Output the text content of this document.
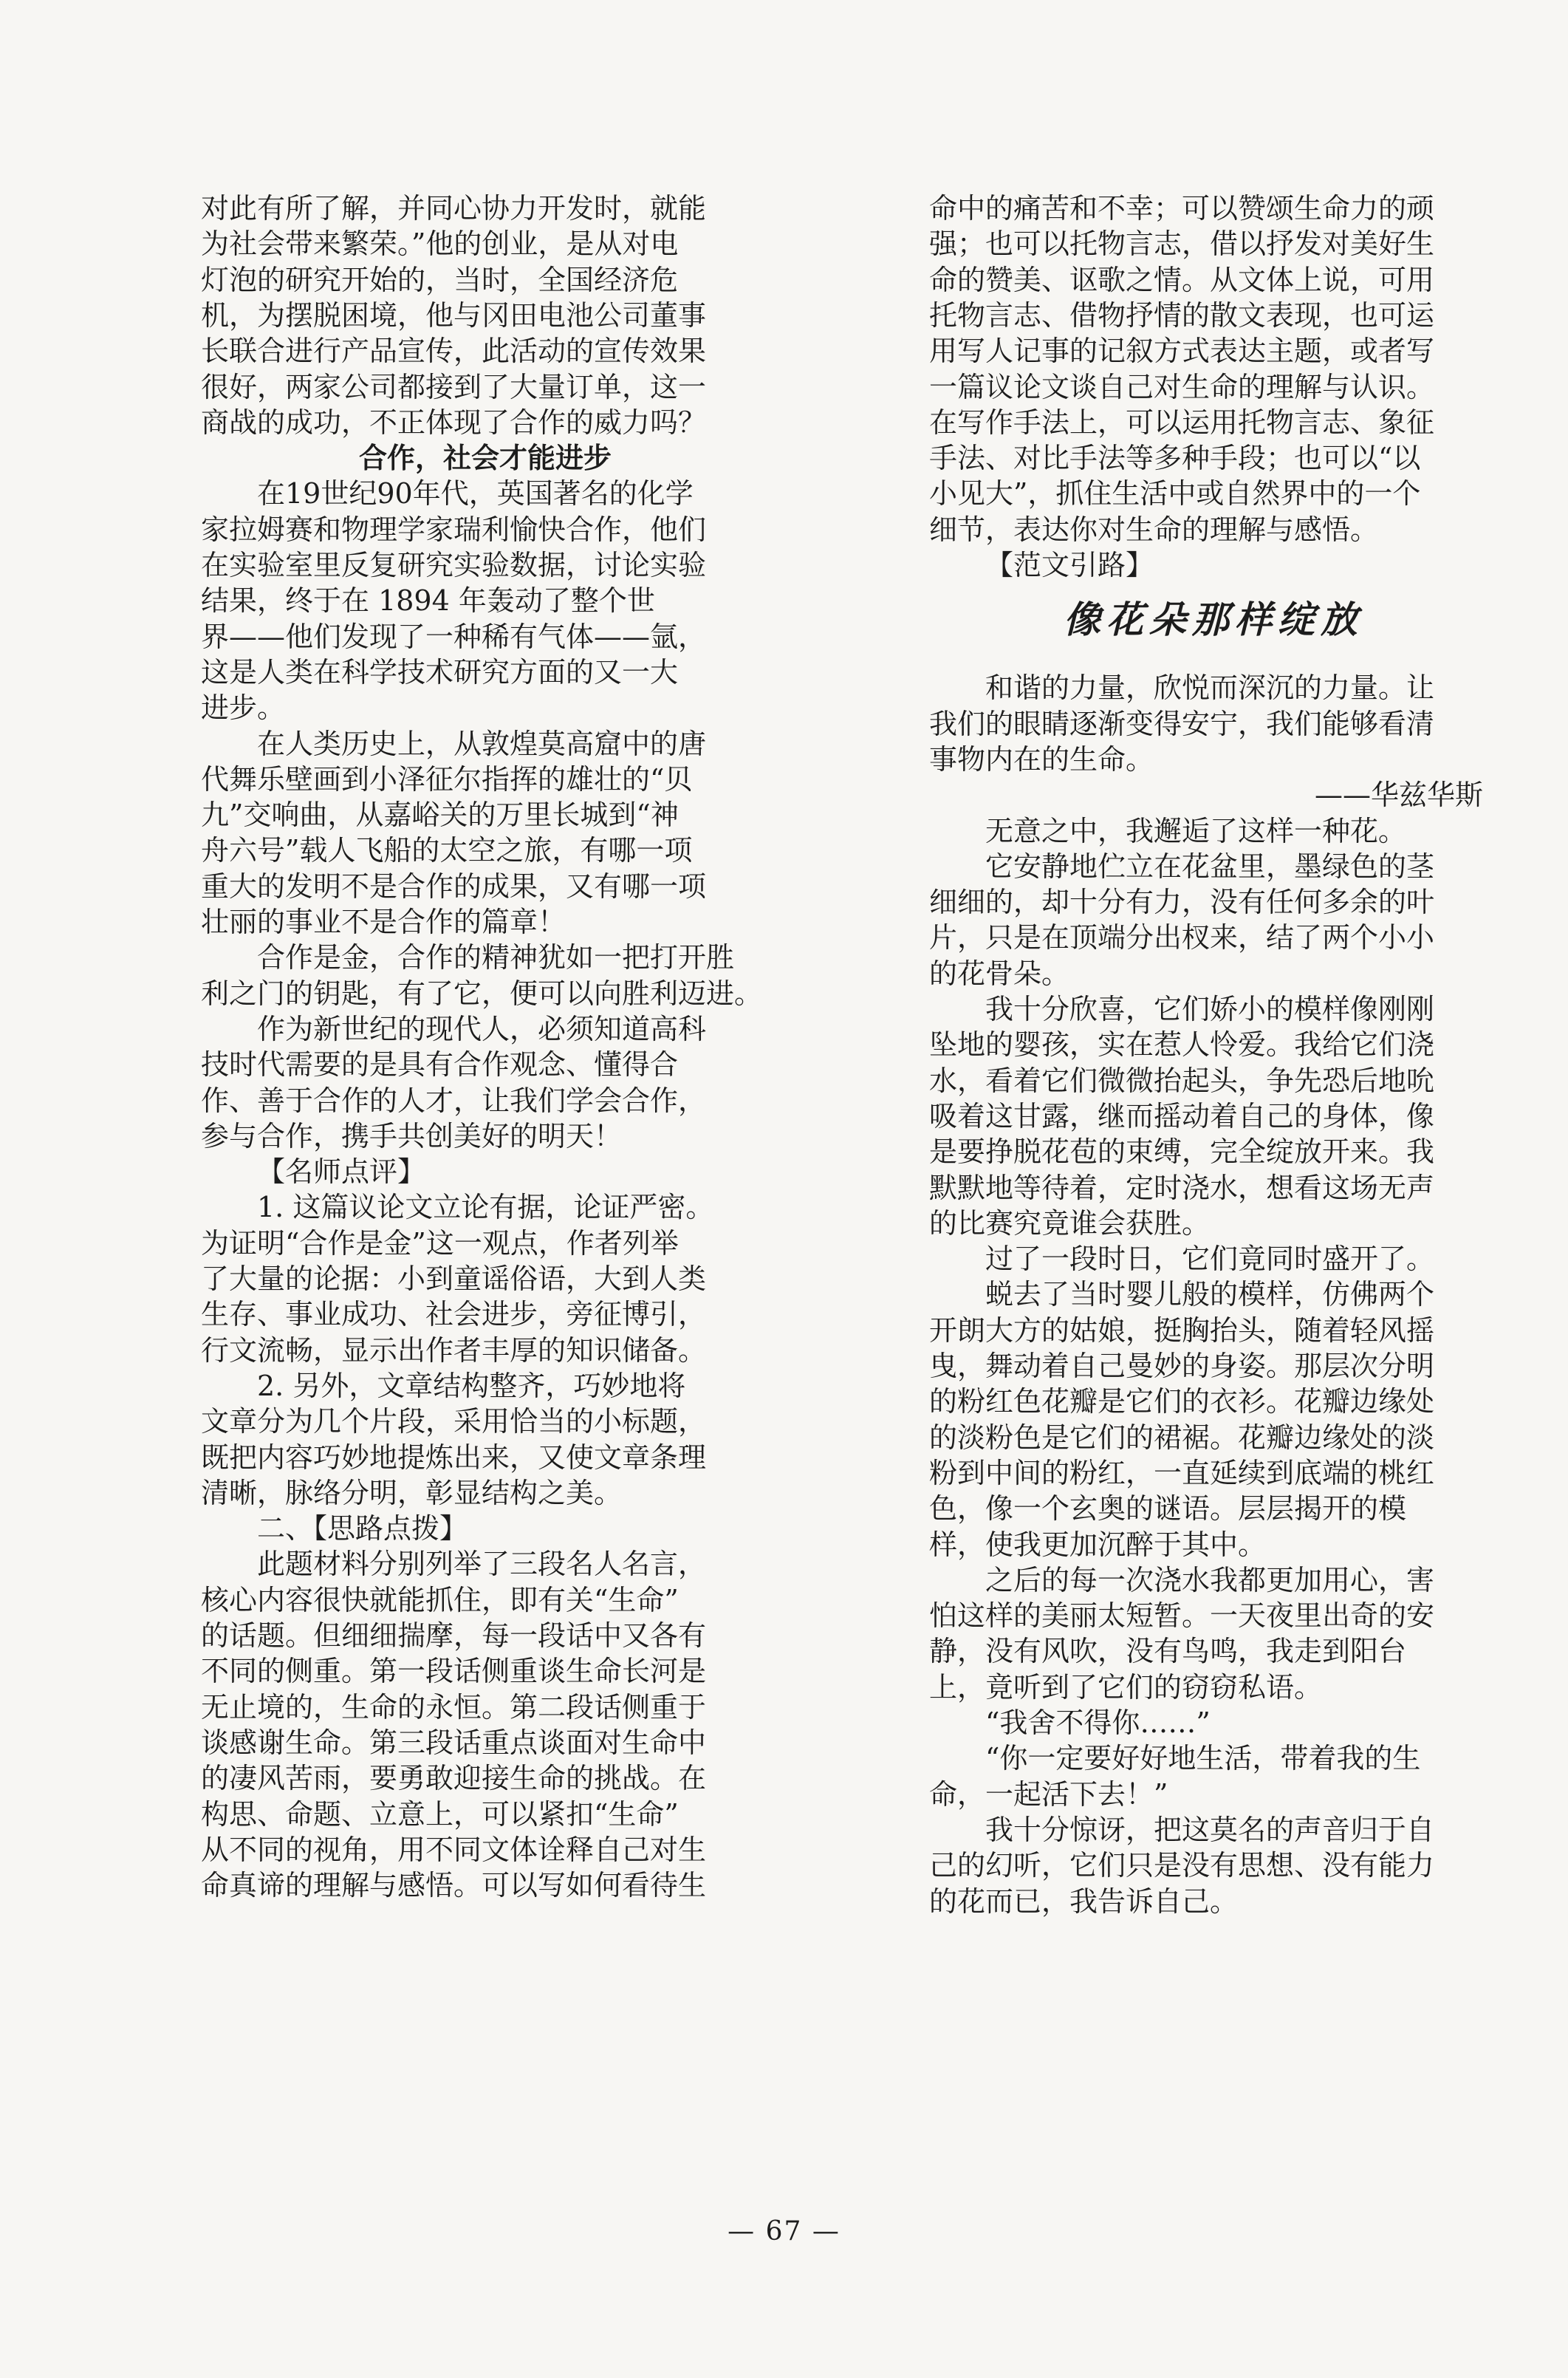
对此有所了解，并同心协力开发时，就能
为社会带来繁荣。”他的创业，是从对电
灯泡的研究开始的，当时，全国经济危
机，为摆脱困境，他与冈田电池公司董事
长联合进行产品宣传，此活动的宣传效果
很好，两家公司都接到了大量订单，这一
商战的成功，不正体现了合作的威力吗？
合作，社会才能进步
在19世纪90年代，英国著名的化学
家拉姆赛和物理学家瑞利愉快合作，他们
在实验室里反复研究实验数据，讨论实验
结果，终于在 1894 年轰动了整个世
界——他们发现了一种稀有气体——氩，
这是人类在科学技术研究方面的又一大
进步。
在人类历史上，从敦煌莫高窟中的唐
代舞乐壁画到小泽征尔指挥的雄壮的“贝
九”交响曲，从嘉峪关的万里长城到“神
舟六号”载人飞船的太空之旅，有哪一项
重大的发明不是合作的成果，又有哪一项
壮丽的事业不是合作的篇章！
合作是金，合作的精神犹如一把打开胜
利之门的钥匙，有了它，便可以向胜利迈进。
作为新世纪的现代人，必须知道高科
技时代需要的是具有合作观念、懂得合
作、善于合作的人才，让我们学会合作，
参与合作，携手共创美好的明天！
【名师点评】
1. 这篇议论文立论有据，论证严密。
为证明“合作是金”这一观点，作者列举
了大量的论据：小到童谣俗语，大到人类
生存、事业成功、社会进步，旁征博引，
行文流畅，显示出作者丰厚的知识储备。
2. 另外，文章结构整齐，巧妙地将
文章分为几个片段，采用恰当的小标题，
既把内容巧妙地提炼出来，又使文章条理
清晰，脉络分明，彰显结构之美。
二、【思路点拨】
此题材料分别列举了三段名人名言，
核心内容很快就能抓住，即有关“生命”
的话题。但细细揣摩，每一段话中又各有
不同的侧重。第一段话侧重谈生命长河是
无止境的，生命的永恒。第二段话侧重于
谈感谢生命。第三段话重点谈面对生命中
的凄风苦雨，要勇敢迎接生命的挑战。在
构思、命题、立意上，可以紧扣“生命”
从不同的视角，用不同文体诠释自己对生
命真谛的理解与感悟。可以写如何看待生
命中的痛苦和不幸；可以赞颂生命力的顽
强；也可以托物言志，借以抒发对美好生
命的赞美、讴歌之情。从文体上说，可用
托物言志、借物抒情的散文表现，也可运
用写人记事的记叙方式表达主题，或者写
一篇议论文谈自己对生命的理解与认识。
在写作手法上，可以运用托物言志、象征
手法、对比手法等多种手段；也可以“以
小见大”，抓住生活中或自然界中的一个
细节，表达你对生命的理解与感悟。
【范文引路】
像花朵那样绽放
和谐的力量，欣悦而深沉的力量。让
我们的眼睛逐渐变得安宁，我们能够看清
事物内在的生命。
——华兹华斯
无意之中，我邂逅了这样一种花。
它安静地伫立在花盆里，墨绿色的茎
细细的，却十分有力，没有任何多余的叶
片，只是在顶端分出杈来，结了两个小小
的花骨朵。
我十分欣喜，它们娇小的模样像刚刚
坠地的婴孩，实在惹人怜爱。我给它们浇
水，看着它们微微抬起头，争先恐后地吮
吸着这甘露，继而摇动着自己的身体，像
是要挣脱花苞的束缚，完全绽放开来。我
默默地等待着，定时浇水，想看这场无声
的比赛究竟谁会获胜。
过了一段时日，它们竟同时盛开了。
蜕去了当时婴儿般的模样，仿佛两个
开朗大方的姑娘，挺胸抬头，随着轻风摇
曳，舞动着自己曼妙的身姿。那层次分明
的粉红色花瓣是它们的衣衫。花瓣边缘处
的淡粉色是它们的裙裾。花瓣边缘处的淡
粉到中间的粉红，一直延续到底端的桃红
色，像一个玄奥的谜语。层层揭开的模
样，使我更加沉醉于其中。
之后的每一次浇水我都更加用心，害
怕这样的美丽太短暂。一天夜里出奇的安
静，没有风吹，没有鸟鸣，我走到阳台
上，竟听到了它们的窃窃私语。
“我舍不得你……”
“你一定要好好地生活，带着我的生
命，一起活下去！”
我十分惊讶，把这莫名的声音归于自
己的幻听，它们只是没有思想、没有能力
的花而已，我告诉自己。
— 67 —
